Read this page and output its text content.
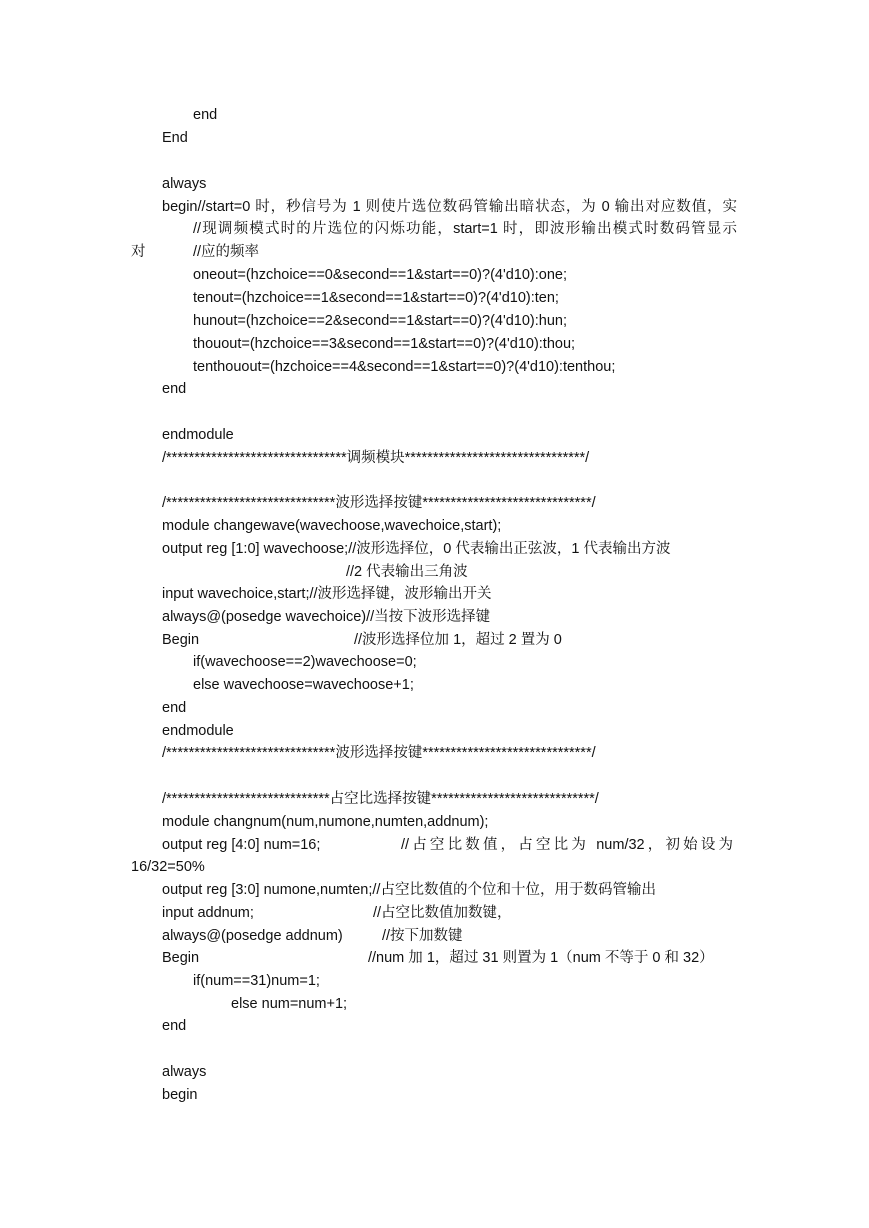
end
End
always
begin//start=0 时，秒信号为 1 则使片选位数码管输出暗状态，为 0 输出对应数值，实
//现调频模式时的片选位的闪烁功能，start=1 时，即波形输出模式时数码管显示
对	//应的频率
oneout=(hzchoice==0&second==1&start==0)?(4'd10):one;
tenout=(hzchoice==1&second==1&start==0)?(4'd10):ten;
hunout=(hzchoice==2&second==1&start==0)?(4'd10):hun;
thouout=(hzchoice==3&second==1&start==0)?(4'd10):thou;
tenthouout=(hzchoice==4&second==1&start==0)?(4'd10):tenthou;
end
endmodule
/********************************调频模块********************************/
/******************************波形选择按键******************************/
module changewave(wavechoose,wavechoice,start);
output reg [1:0] wavechoose;//波形选择位，0 代表输出正弦波，1 代表输出方波
//2 代表输出三角波
input wavechoice,start;//波形选择键，波形输出开关
always@(posedge wavechoice)//当按下波形选择键
Begin	//波形选择位加 1，超过 2 置为 0
if(wavechoose==2)wavechoose=0;
else wavechoose=wavechoose+1;
end
endmodule
/******************************波形选择按键******************************/
/*****************************占空比选择按键*****************************/
module changnum(num,numone,numten,addnum);
output reg [4:0] num=16;	//占空比数值，占空比为 num/32，初始设为
16/32=50%
output reg [3:0] numone,numten;//占空比数值的个位和十位，用于数码管输出
input addnum;	//占空比数值加数键，
always@(posedge addnum)	//按下加数键
Begin	//num 加 1，超过 31 则置为 1（num 不等于 0 和 32）
if(num==31)num=1;
else num=num+1;
end
always
begin
